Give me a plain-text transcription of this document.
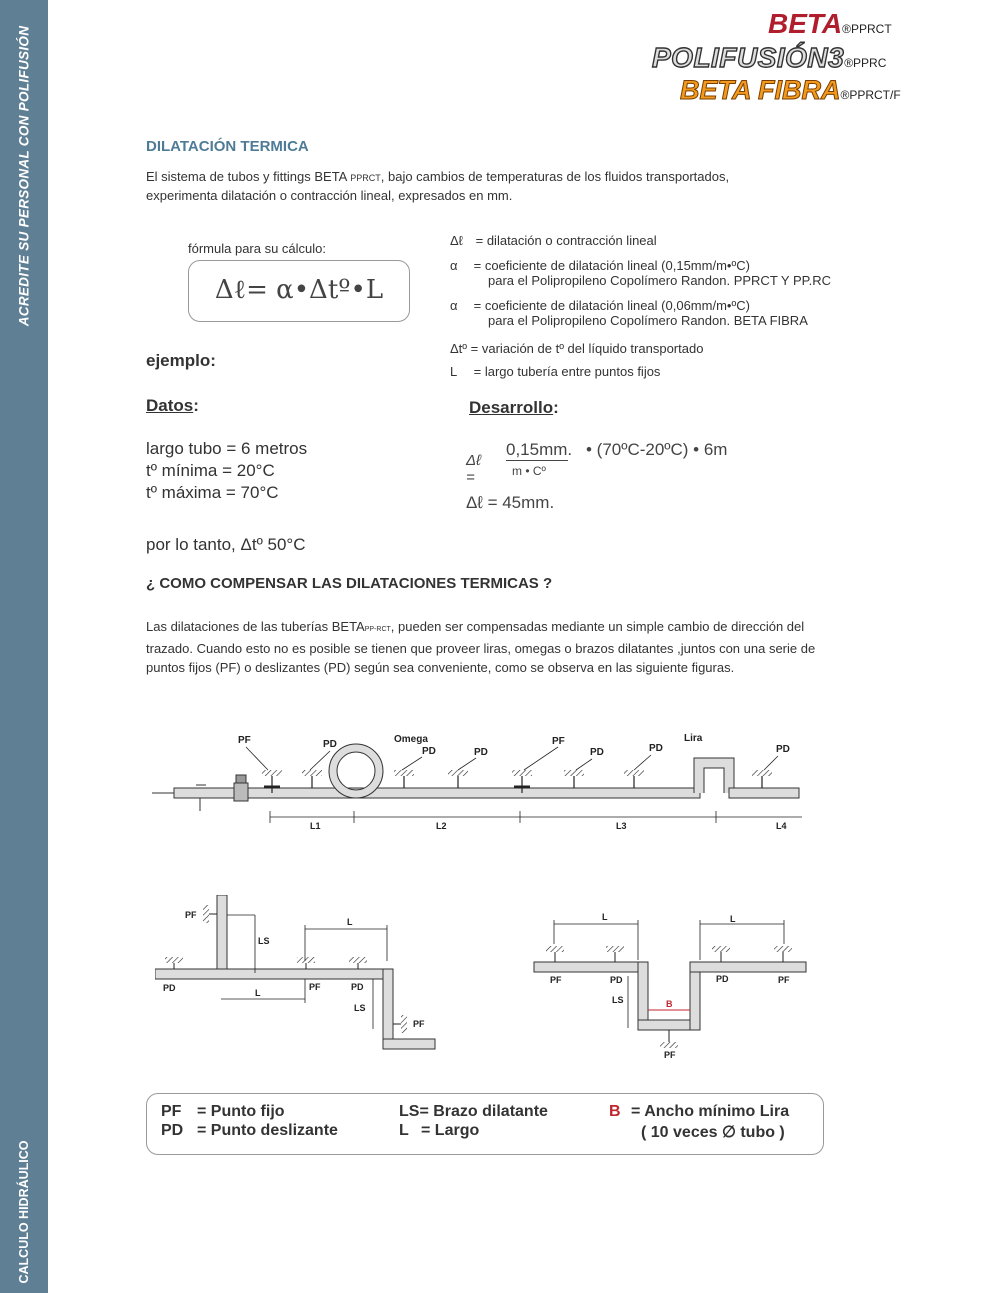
ACREDITE SU PERSONAL CON POLIFUSIÓN
CALCULO HIDRÁULICO
BETA®PPRCT
POLIFUSIÓN3®PPRC
BETA FIBRA®PPRCT/F
DILATACIÓN TERMICA
El sistema de tubos y fittings BETA PPRCT, bajo cambios de temperaturas de los fluidos transportados, experimenta dilatación o contracción lineal, expresados en mm.
fórmula para su cálculo:
Δℓ= α•Δtº•L
Δℓ = dilatación o contracción lineal
α = coeficiente de dilatación lineal (0,15mm/m•ºC)
para el Polipropileno Copolímero Randon. PPRCT Y PP.RC
α = coeficiente de dilatación lineal (0,06mm/m•ºC)
para el Polipropileno Copolímero Randon. BETA FIBRA
Δtº = variación de tº del líquido transportado
L = largo tubería entre puntos fijos
ejemplo:
Datos:
largo tubo = 6 metros
tº mínima = 20°C
tº máxima = 70°C
por lo tanto, Δtº 50°C
Desarrollo:
Δℓ =
0,15mm.
m • Cº
• (70ºC-20ºC) • 6m
Δℓ = 45mm.
¿ COMO COMPENSAR LAS DILATACIONES TERMICAS ?
Las dilataciones de las tuberías BETAPP-RCT, pueden ser compensadas mediante un simple cambio de dirección del trazado. Cuando esto no es posible se tienen que proveer liras, omegas o brazos dilatantes ,juntos con una serie de puntos fijos (PF) o deslizantes (PD) según sea conveniente, como se observa en las siguiente figuras.
PF	PD	Omega
PD	PD
PF
PD	PD
Lira
PD
L1	L2	L3	L4
PF
LS
L
PD	PF	PD
L
LS
PF
L	L
PF	PD	PD	PF
LS
PF
B
PF = Punto fijo
PD = Punto deslizante
LS= Brazo dilatante
L = Largo
B = Ancho mínimo Lira
( 10 veces ∅ tubo )
